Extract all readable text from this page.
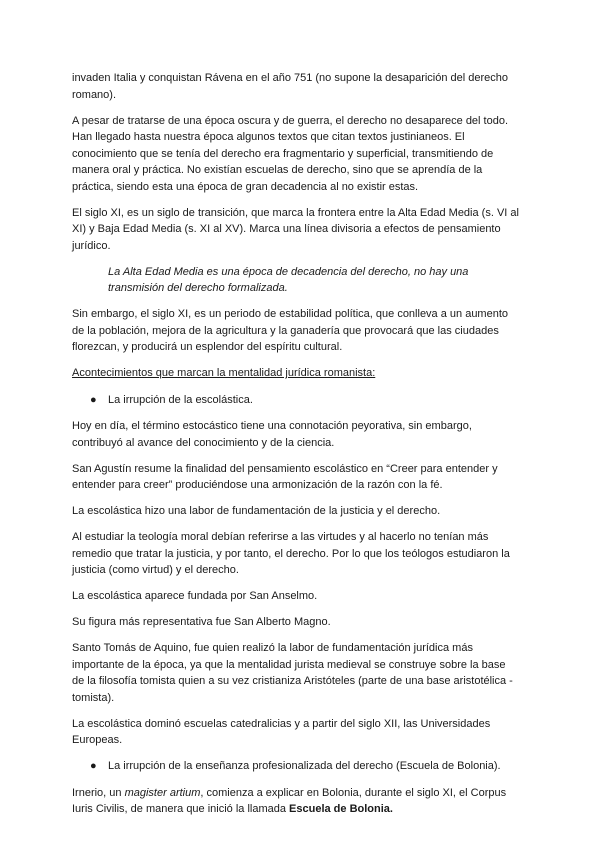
invaden Italia y conquistan Rávena en el año 751 (no supone la desaparición del derecho romano).

A pesar de tratarse de una época oscura y de guerra, el derecho no desaparece del todo. Han llegado hasta nuestra época algunos textos que citan textos justinianeos. El conocimiento que se tenía del derecho era fragmentario y superficial, transmitiendo de manera oral y práctica. No existían escuelas de derecho, sino que se aprendía de la práctica, siendo esta una época de gran decadencia al no existir estas.

El siglo XI, es un siglo de transición, que marca la frontera entre la Alta Edad Media (s. VI al XI) y Baja Edad Media (s. XI al XV). Marca una línea divisoria a efectos de pensamiento jurídico.

La Alta Edad Media es una época de decadencia del derecho, no hay una transmisión del derecho formalizada.

Sin embargo, el siglo XI, es un periodo de estabilidad política, que conlleva a un aumento de la población, mejora de la agricultura y la ganadería que provocará que las ciudades florezcan, y producirá un esplendor del espíritu cultural.

Acontecimientos que marcan la mentalidad jurídica romanista:

●	La irrupción de la escolástica.

Hoy en día, el término estocástico tiene una connotación peyorativa, sin embargo, contribuyó al avance del conocimiento y de la ciencia.

San Agustín resume la finalidad del pensamiento escolástico en “Creer para entender y entender para creer” produciéndose una armonización de la razón con la fé.

La escolástica hizo una labor de fundamentación de la justicia y el derecho.

Al estudiar la teología moral debían referirse a las virtudes y al hacerlo no tenían más remedio que tratar la justicia, y por tanto, el derecho. Por lo que los teólogos estudiaron la justicia (como virtud) y el derecho.

La escolástica aparece fundada por San Anselmo.

Su figura más representativa fue San Alberto Magno.

Santo Tomás de Aquino, fue quien realizó la labor de fundamentación jurídica más importante de la época, ya que la mentalidad jurista medieval se construye sobre la base de la filosofía tomista quien a su vez cristianiza Aristóteles (parte de una base aristotélica - tomista).

La escolástica dominó escuelas catedralicias y a partir del siglo XII, las Universidades Europeas.

●	La irrupción de la enseñanza profesionalizada del derecho (Escuela de Bolonia).

Irnerio, un magister artium, comienza a explicar en Bolonia, durante el siglo XI, el Corpus Iuris Civilis, de manera que inició la llamada Escuela de Bolonia.
